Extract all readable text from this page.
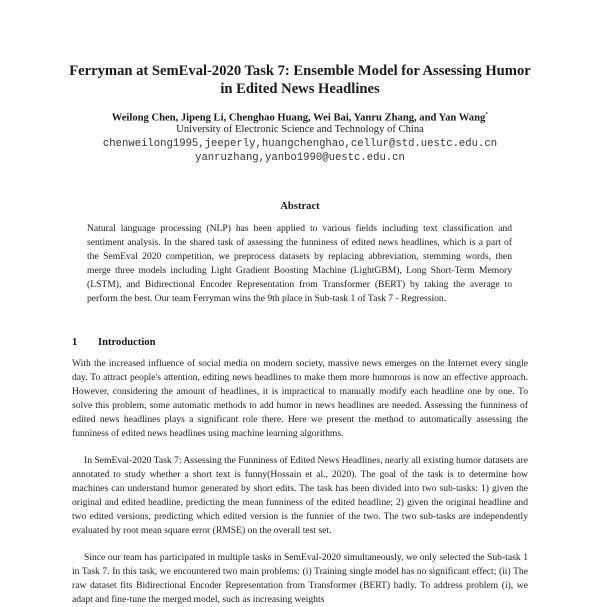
Ferryman at SemEval-2020 Task 7: Ensemble Model for Assessing Humor
in Edited News Headlines
Weilong Chen, Jipeng Li, Chenghao Huang, Wei Bai, Yanru Zhang, and Yan Wang*
University of Electronic Science and Technology of China
chenweilong1995,jeeperly,huangchenghao,cellur@std.uestc.edu.cn
yanruzhang,yanbo1990@uestc.edu.cn
Abstract

Natural language processing (NLP) has been applied to various fields including text classification and sentiment analysis. In the shared task of assessing the funniness of edited news headlines, which is a part of the SemEval 2020 competition, we preprocess datasets by replacing abbreviation, stemming words, then merge three models including Light Gradient Boosting Machine (LightGBM), Long Short-Term Memory (LSTM), and Bidirectional Encoder Representation from Transformer (BERT) by taking the average to perform the best. Our team Ferryman wins the 9th place in Sub-task 1 of Task 7 - Regression.

1 Introduction

With the increased influence of social media on modern society, massive news emerges on the Internet every single day. To attract people's attention, editing news headlines to make them more humorous is now an effective approach. However, considering the amount of headlines, it is impractical to manually modify each headline one by one. To solve this problem, some automatic methods to add humor in news headlines are needed. Assessing the funniness of edited news headlines plays a significant role there. Here we present the method to automatically assessing the funniness of edited news headlines using machine learning algorithms.

In SemEval-2020 Task 7: Assessing the Funniness of Edited News Headlines, nearly all existing humor datasets are annotated to study whether a short text is funny(Hossain et al., 2020). The goal of the task is to determine how machines can understand humor generated by short edits. The task has been divided into two sub-tasks: 1) given the original and edited headline, predicting the mean funniness of the edited headline; 2) given the original headline and two edited versions, predicting which edited version is the funnier of the two. The two sub-tasks are independently evaluated by root mean square error (RMSE) on the overall test set.

Since our team has participated in multiple tasks in SemEval-2020 simultaneously, we only selected the Sub-task 1 in Task 7. In this task, we encountered two main problems: (i) Training single model has no significant effect; (ii) The raw dataset fits Bidirectional Encoder Representation from Transformer (BERT) badly. To address problem (i), we adapt and fine-tune the merged model, such as increasing weights
